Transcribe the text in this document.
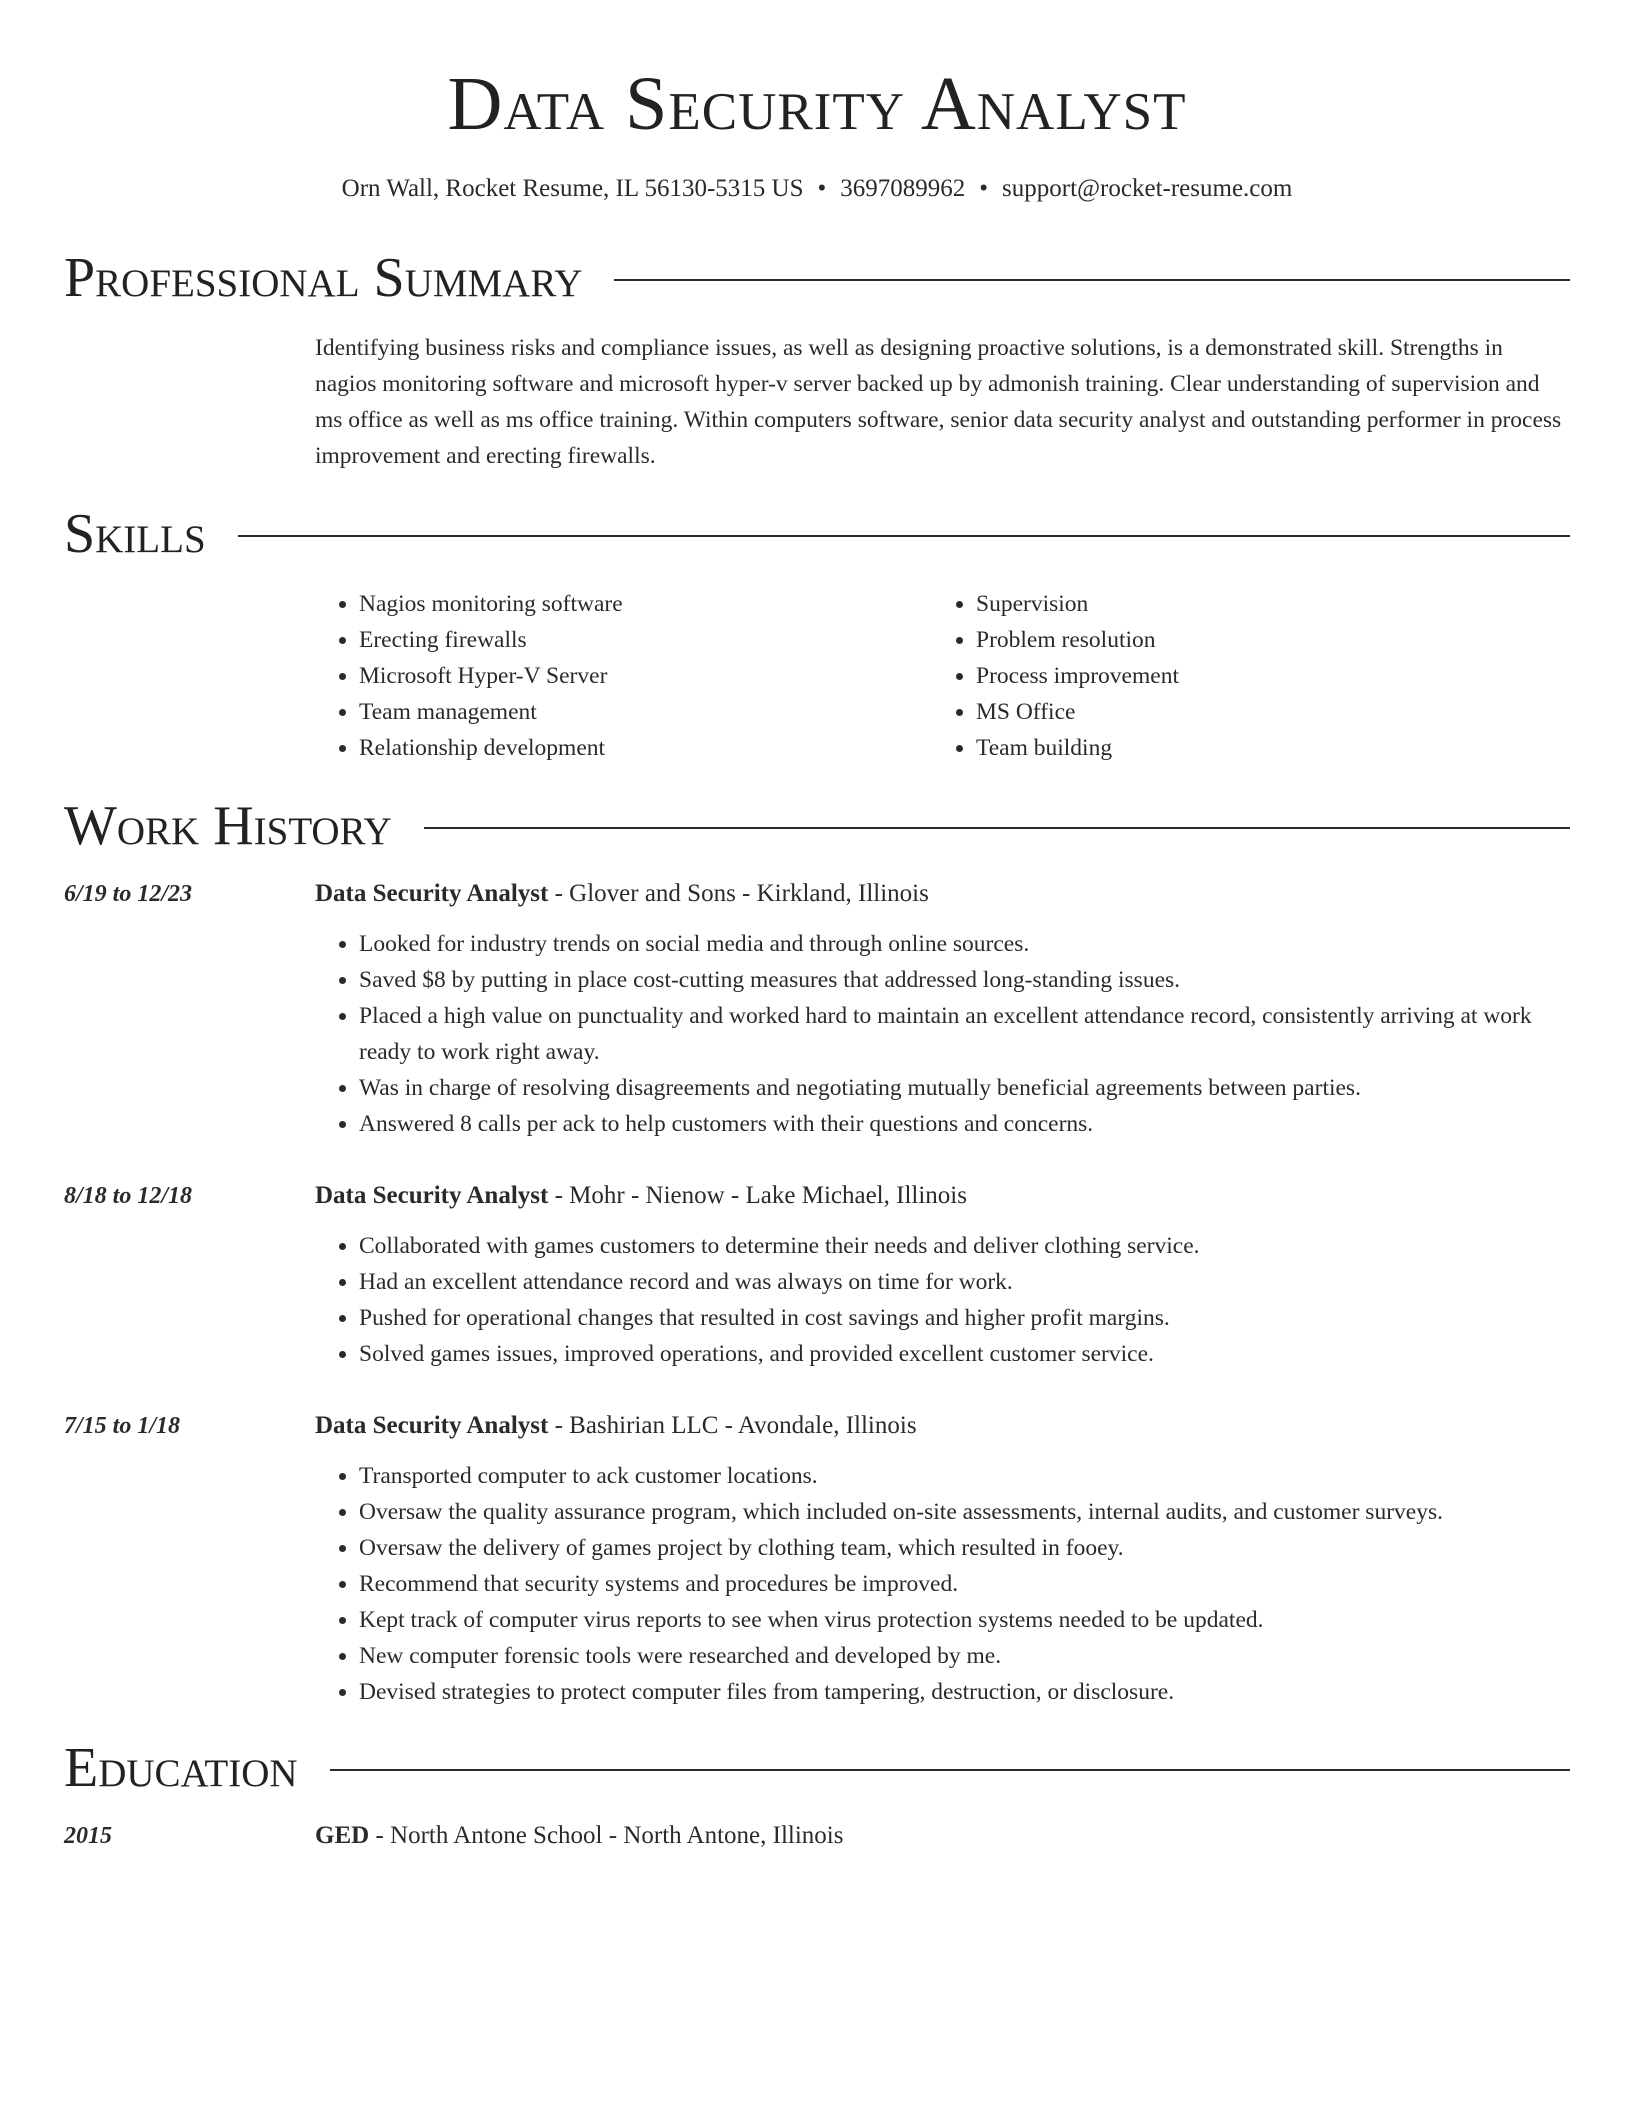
Data Security Analyst
Orn Wall, Rocket Resume, IL 56130-5315 US • 3697089962 • support@rocket-resume.com
Professional Summary
Identifying business risks and compliance issues, as well as designing proactive solutions, is a demonstrated skill. Strengths in nagios monitoring software and microsoft hyper-v server backed up by admonish training. Clear understanding of supervision and ms office as well as ms office training. Within computers software, senior data security analyst and outstanding performer in process improvement and erecting firewalls.
Skills
• Nagios monitoring software
• Erecting firewalls
• Microsoft Hyper-V Server
• Team management
• Relationship development
• Supervision
• Problem resolution
• Process improvement
• MS Office
• Team building
Work History
6/19 to 12/23	Data Security Analyst - Glover and Sons - Kirkland, Illinois
• Looked for industry trends on social media and through online sources.
• Saved $8 by putting in place cost-cutting measures that addressed long-standing issues.
• Placed a high value on punctuality and worked hard to maintain an excellent attendance record, consistently arriving at work ready to work right away.
• Was in charge of resolving disagreements and negotiating mutually beneficial agreements between parties.
• Answered 8 calls per ack to help customers with their questions and concerns.
8/18 to 12/18	Data Security Analyst - Mohr - Nienow - Lake Michael, Illinois
• Collaborated with games customers to determine their needs and deliver clothing service.
• Had an excellent attendance record and was always on time for work.
• Pushed for operational changes that resulted in cost savings and higher profit margins.
• Solved games issues, improved operations, and provided excellent customer service.
7/15 to 1/18	Data Security Analyst - Bashirian LLC - Avondale, Illinois
• Transported computer to ack customer locations.
• Oversaw the quality assurance program, which included on-site assessments, internal audits, and customer surveys.
• Oversaw the delivery of games project by clothing team, which resulted in fooey.
• Recommend that security systems and procedures be improved.
• Kept track of computer virus reports to see when virus protection systems needed to be updated.
• New computer forensic tools were researched and developed by me.
• Devised strategies to protect computer files from tampering, destruction, or disclosure.
Education
2015	GED - North Antone School - North Antone, Illinois
